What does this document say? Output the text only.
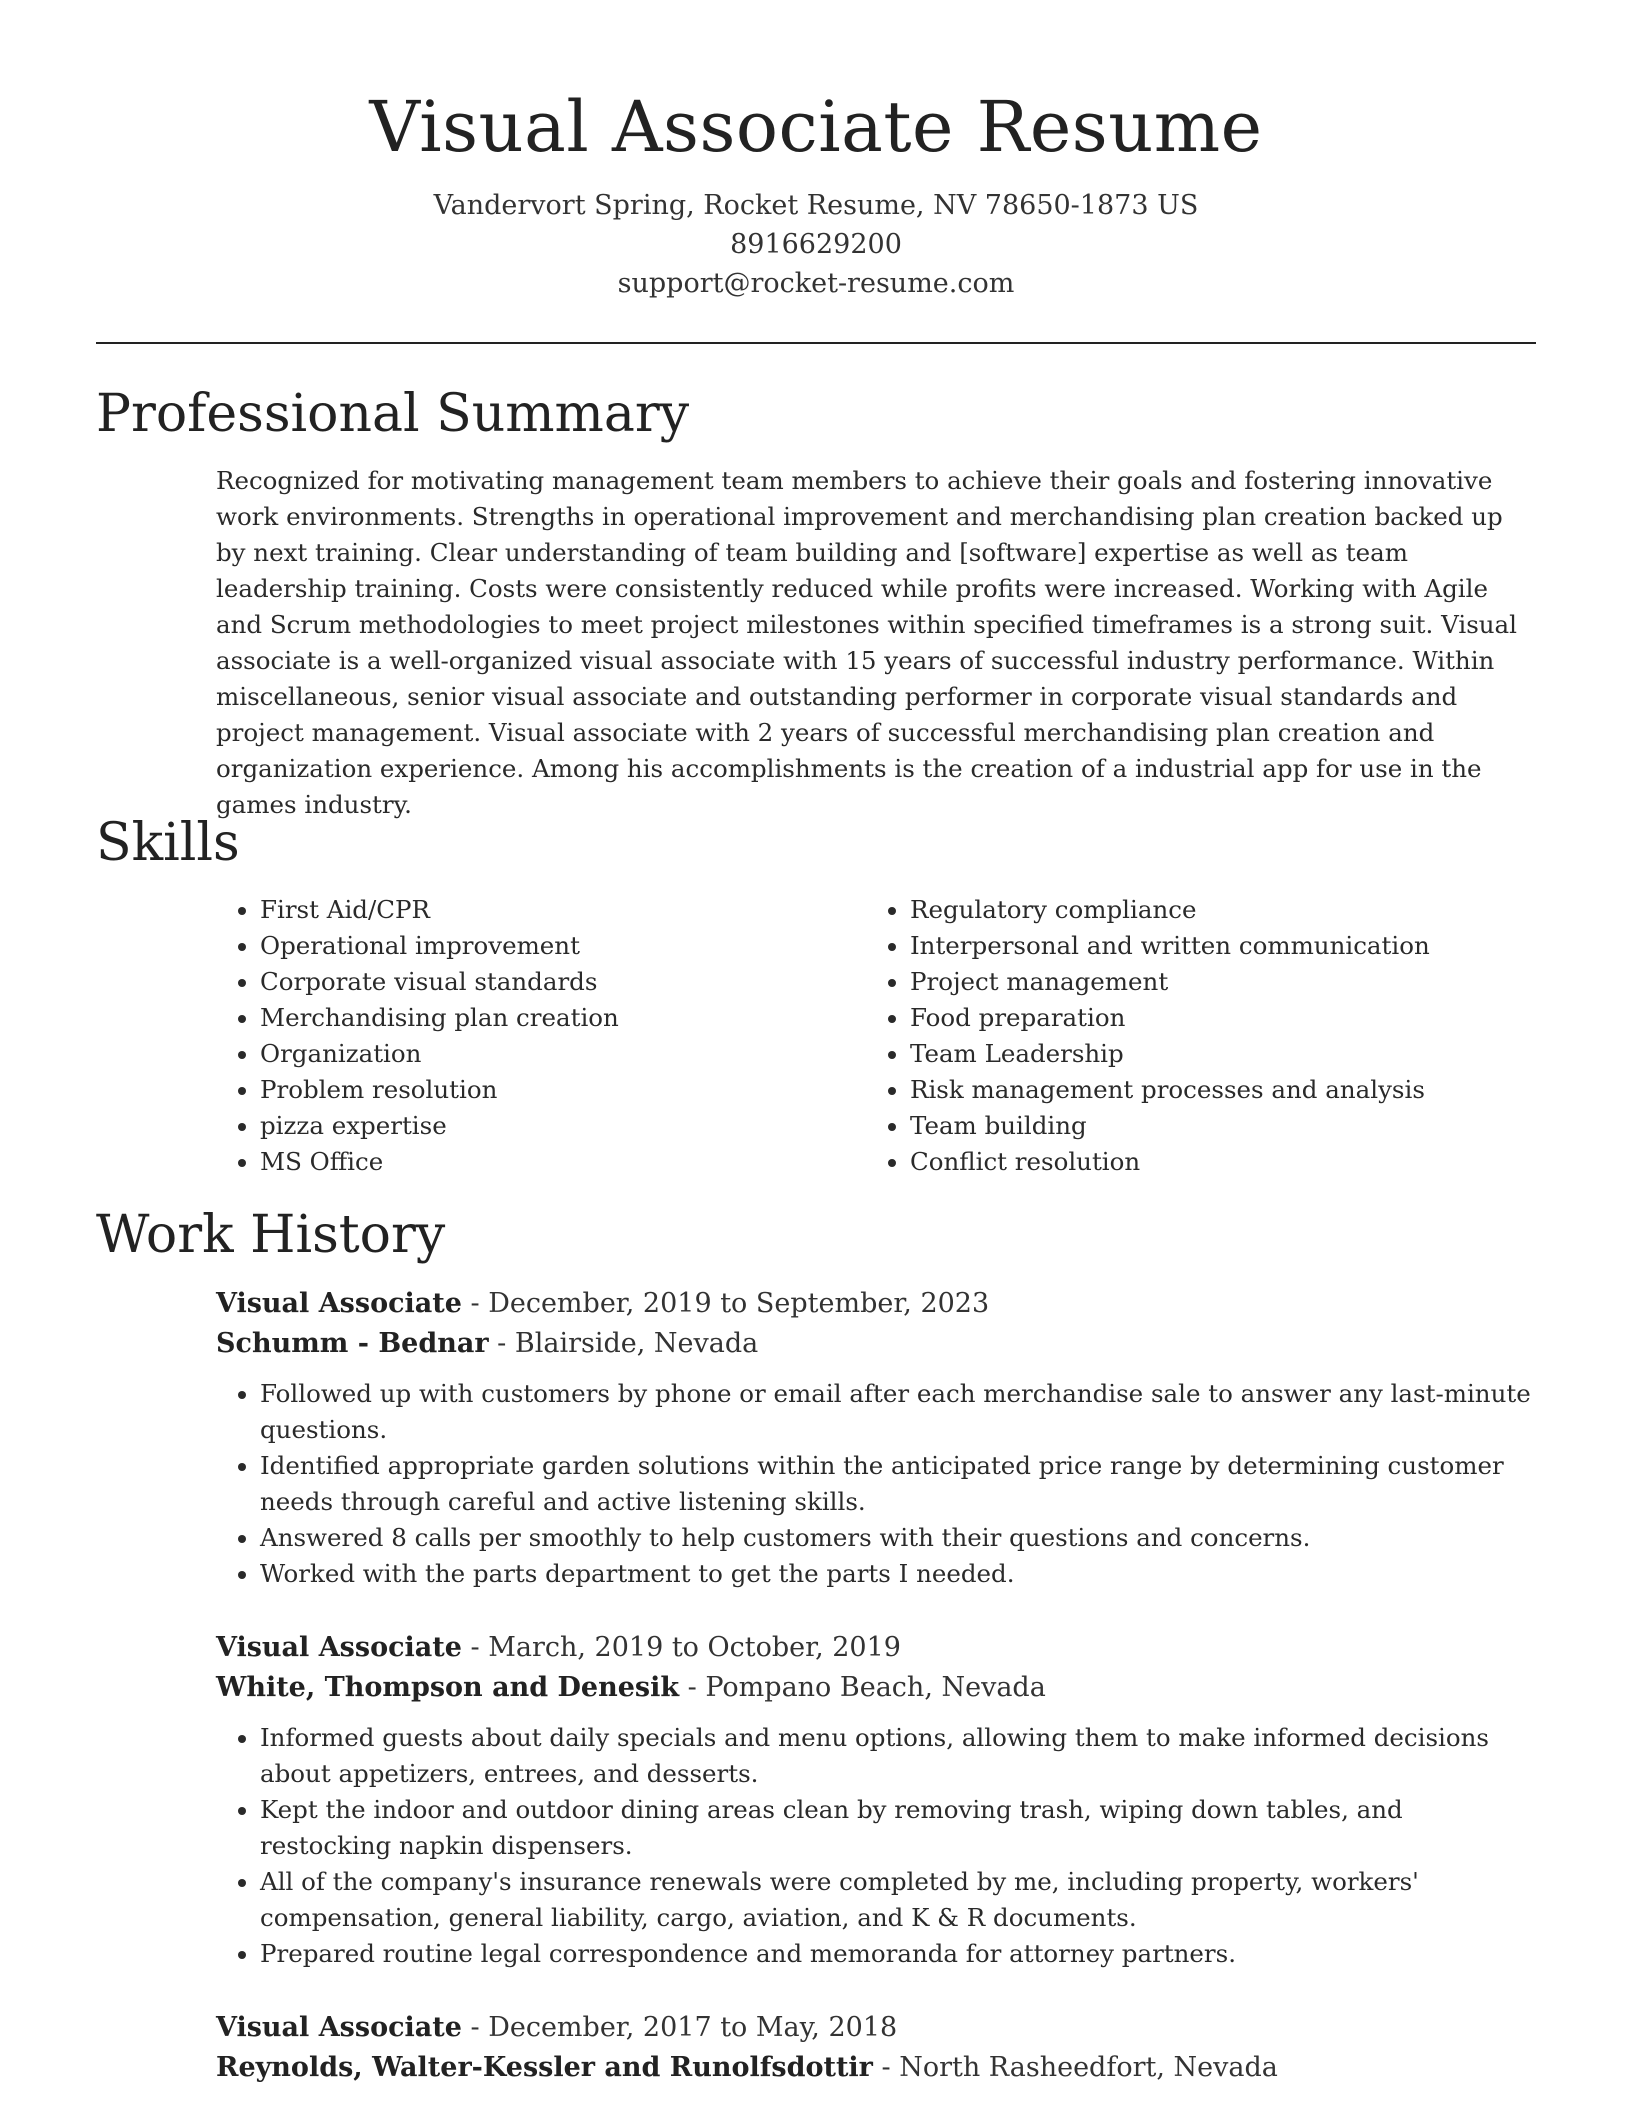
Visual Associate Resume
Vandervort Spring, Rocket Resume, NV 78650-1873 US
8916629200
support@rocket-resume.com
Professional Summary

Recognized for motivating management team members to achieve their goals and fostering innovative work environments. Strengths in operational improvement and merchandising plan creation backed up by next training. Clear understanding of team building and [software] expertise as well as team leadership training. Costs were consistently reduced while profits were increased. Working with Agile and Scrum methodologies to meet project milestones within specified timeframes is a strong suit. Visual associate is a well-organized visual associate with 15 years of successful industry performance. Within miscellaneous, senior visual associate and outstanding performer in corporate visual standards and project management. Visual associate with 2 years of successful merchandising plan creation and organization experience. Among his accomplishments is the creation of a industrial app for use in the games industry.

Skills
• First Aid/CPR
• Operational improvement
• Corporate visual standards
• Merchandising plan creation
• Organization
• Problem resolution
• pizza expertise
• MS Office
• Regulatory compliance
• Interpersonal and written communication
• Project management
• Food preparation
• Team Leadership
• Risk management processes and analysis
• Team building
• Conflict resolution
Work History
Visual Associate - December, 2019 to September, 2023
Schumm - Bednar - Blairside, Nevada
• Followed up with customers by phone or email after each merchandise sale to answer any last-minute questions.
• Identified appropriate garden solutions within the anticipated price range by determining customer needs through careful and active listening skills.
• Answered 8 calls per smoothly to help customers with their questions and concerns.
• Worked with the parts department to get the parts I needed.
Visual Associate - March, 2019 to October, 2019
White, Thompson and Denesik - Pompano Beach, Nevada
• Informed guests about daily specials and menu options, allowing them to make informed decisions about appetizers, entrees, and desserts.
• Kept the indoor and outdoor dining areas clean by removing trash, wiping down tables, and restocking napkin dispensers.
• All of the company's insurance renewals were completed by me, including property, workers' compensation, general liability, cargo, aviation, and K & R documents.
• Prepared routine legal correspondence and memoranda for attorney partners.
Visual Associate - December, 2017 to May, 2018
Reynolds, Walter-Kessler and Runolfsdottir - North Rasheedfort, Nevada
